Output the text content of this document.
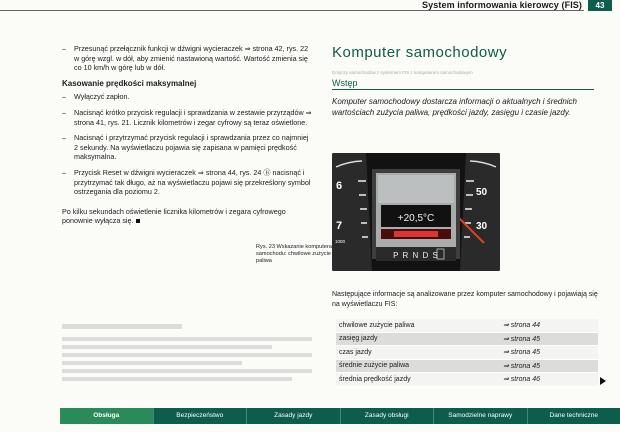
System informowania kierowcy (FIS)	43
– Przesunąć przełącznik funkcji w dźwigni wycieraczek ⇒ strona 42, rys. 22 w górę wzgl. w dół, aby zmienić nastawioną wartość. Wartość zmienia się co 10 km/h w górę lub w dół.

Kasowanie prędkości maksymalnej
– Wyłączyć zapłon.

– Nacisnąć krótko przycisk regulacji i sprawdzania w zestawie przyrządów ⇒ strona 41, rys. 21. Licznik kilometrów i zegar cyfrowy są teraz oświetlone.

– Nacisnąć i przytrzymać przycisk regulacji i sprawdzania przez co najmniej 2 sekundy. Na wyświetlaczu pojawia się zapisana w pamięci prędkość maksymalna.

– Przycisk Reset w dźwigni wycieraczek ⇒ strona 44, rys. 24 Ⓑ nacisnąć i przytrzymać tak długo, aż na wyświetlaczu pojawi się przekreślony symbol ostrzegania dla poziomu 2.

Po kilku sekundach oświetlenie licznika kilometrów i zegara cyfrowego ponownie wyłącza się.
Komputer samochodowy
Dotyczy samochodów z systemem FIS z komputerem samochodowym
Wstęp
Komputer samochodowy dostarcza informacji o aktualnych i średnich wartościach zużycia paliwa, prędkości jazdy, zasięgu i czasie jazdy.
+20,5°C
P R N D S
6
7
1000
50
30
Rys. 23 Wskazanie komputera samochodu: chwilowe zużycie paliwa
Następujące informacje są analizowane przez komputer samochodowy i pojawiają się na wyświetlaczu FIS:
chwilowe zużycie paliwa	⇒ strona 44
zasięg jazdy	⇒ strona 45
czas jazdy	⇒ strona 45
średnie zużycie paliwa	⇒ strona 45
średnia prędkość jazdy	⇒ strona 46
Obsługa	Bezpieczeństwo	Zasady jazdy	Zasady obsługi	Samodzielne naprawy	Dane techniczne
